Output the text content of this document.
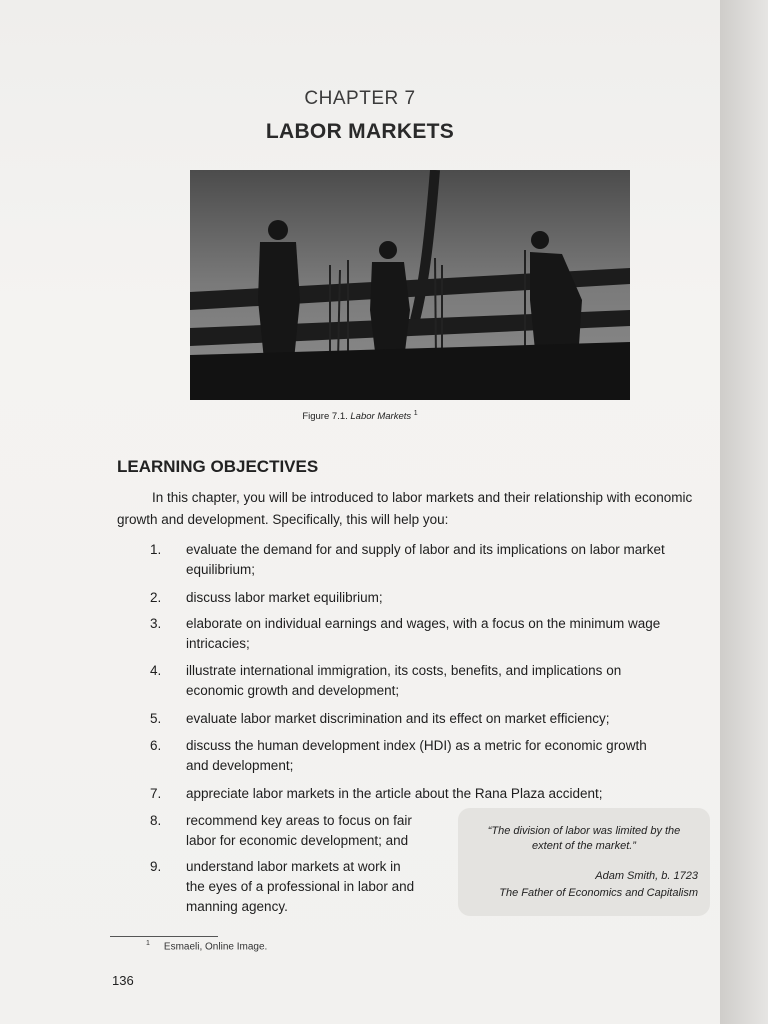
CHAPTER 7
LABOR MARKETS
Figure 7.1. Labor Markets $^1$
LEARNING OBJECTIVES
In this chapter, you will be introduced to labor markets and their relationship with economic growth and development. Specifically, this will help you:
1.	evaluate the demand for and supply of labor and its implications on labor market
equilibrium;
2.	discuss labor market equilibrium;
3.	elaborate on individual earnings and wages, with a focus on the minimum wage
intricacies;
4.	illustrate international immigration, its costs, benefits, and implications on
economic growth and development;
5.	evaluate labor market discrimination and its effect on market efficiency;
6.	discuss the human development index (HDI) as a metric for economic growth
and development;
7.	appreciate labor markets in the article about the Rana Plaza accident;
8.	recommend key areas to focus on fair
labor for economic development; and
9.	understand labor markets at work in
the eyes of a professional in labor and
manning agency.
“The division of labor was limited by the
extent of the market.”
Adam Smith, b. 1723
The Father of Economics and Capitalism
$^1$ Esmaeli, Online Image.
136
